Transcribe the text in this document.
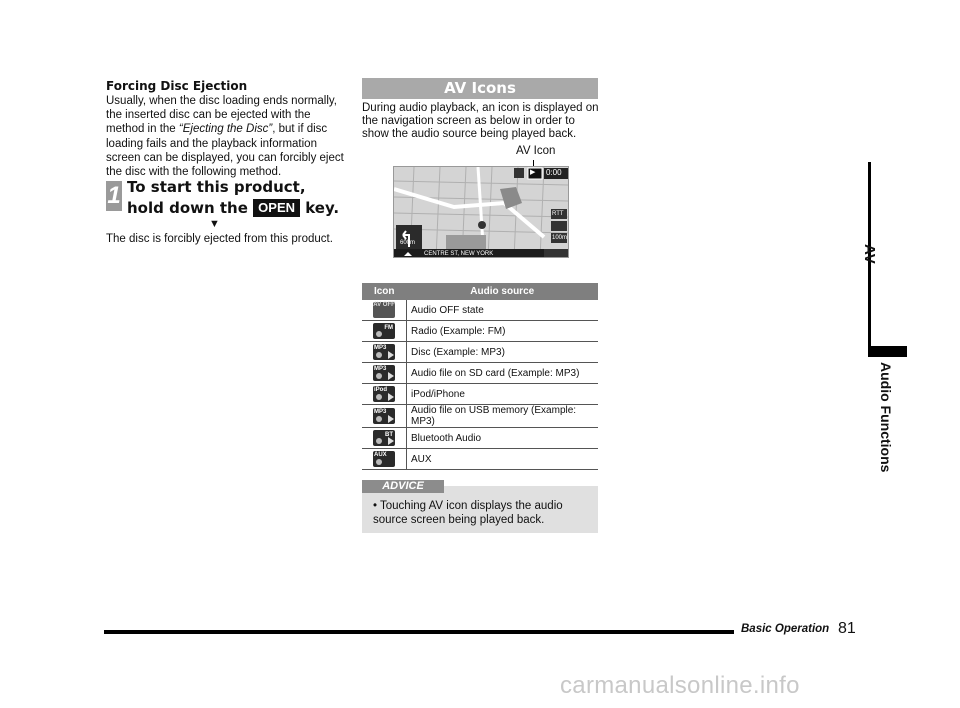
Forcing Disc Ejection
Usually, when the disc loading ends normally, the inserted disc can be ejected with the method in the “Ejecting the Disc”, but if disc loading fails and the playback information screen can be displayed, you can forcibly eject the disc with the following method.
1 To start this product,
hold down the OPEN key.
▼
The disc is forcibly ejected from this product.
AV Icons
During audio playback, an icon is displayed on the navigation screen as below in order to show the audio source being played back.
AV Icon
▶ 0:00
600m
CENTRE ST, NEW YORK
RTT
100m
Icon	Audio source
AV OFF	Audio OFF state

FM	Radio (Example: FM)
MP3	Disc (Example: MP3)
MP3	Audio file on SD card (Example: MP3)
iPod	iPod/iPhone
MP3	Audio file on USB memory (Example: MP3)

BT	Bluetooth Audio
AUX	AUX
ADVICE
• Touching AV icon displays the audio source screen being played back.
AV
Audio Functions
Basic Operation 81
carmanualsonline.info
